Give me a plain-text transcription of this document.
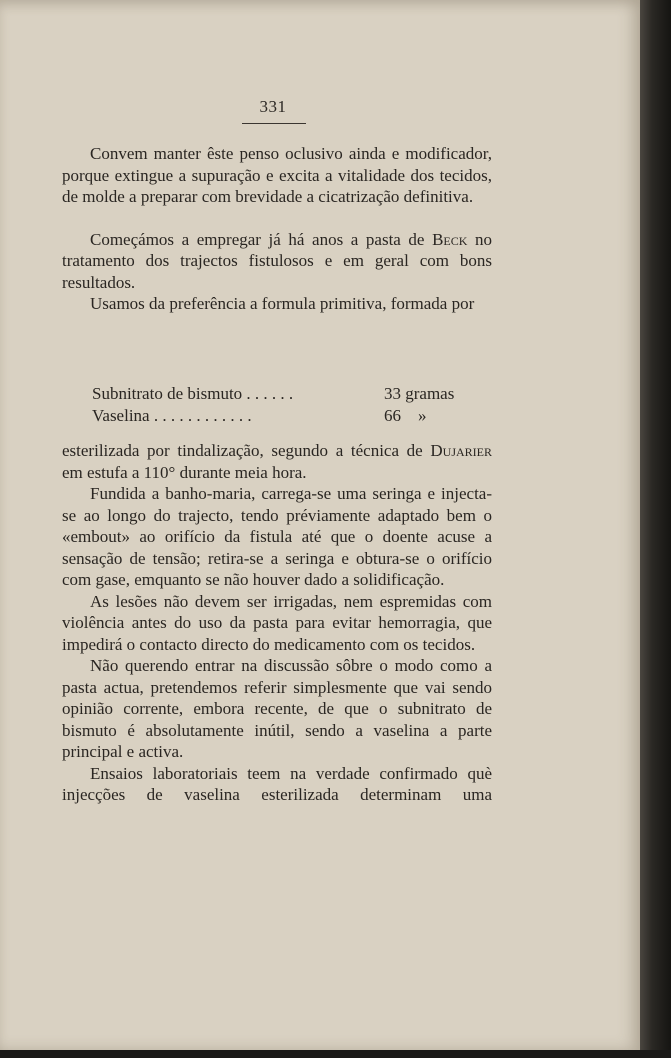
331

Convem manter êste penso oclusivo ainda e modificador, porque extingue a supuração e excita a vitalidade dos tecidos, de molde a preparar com brevidade a cicatrização definitiva.

Começámos a empregar já há anos a pasta de Beck no tratamento dos trajectos fistulosos e em geral com bons resultados.

Usamos da preferência a formula primitiva, formada por

Subnitrato de bismuto . . . . . .	33 gramas
Vaselina . . . . . . . . . . . .	66    »

esterilizada por tindalização, segundo a técnica de Dujarier em estufa a 110° durante meia hora.

Fundida a banho-maria, carrega-se uma seringa e injecta-se ao longo do trajecto, tendo préviamente adaptado bem o «embout» ao orifício da fistula até que o doente acuse a sensação de tensão; retira-se a seringa e obtura-se o orifício com gase, emquanto se não houver dado a solidificação.

As lesões não devem ser irrigadas, nem espremidas com violência antes do uso da pasta para evitar hemorragia, que impedirá o contacto directo do medicamento com os tecidos.

Não querendo entrar na discussão sôbre o modo como a pasta actua, pretendemos referir simplesmente que vai sendo opinião corrente, embora recente, de que o subnitrato de bismuto é absolutamente inútil, sendo a vaselina a parte principal e activa.

Ensaios laboratoriais teem na verdade confirmado què injecções de vaselina esterilizada determinam uma
